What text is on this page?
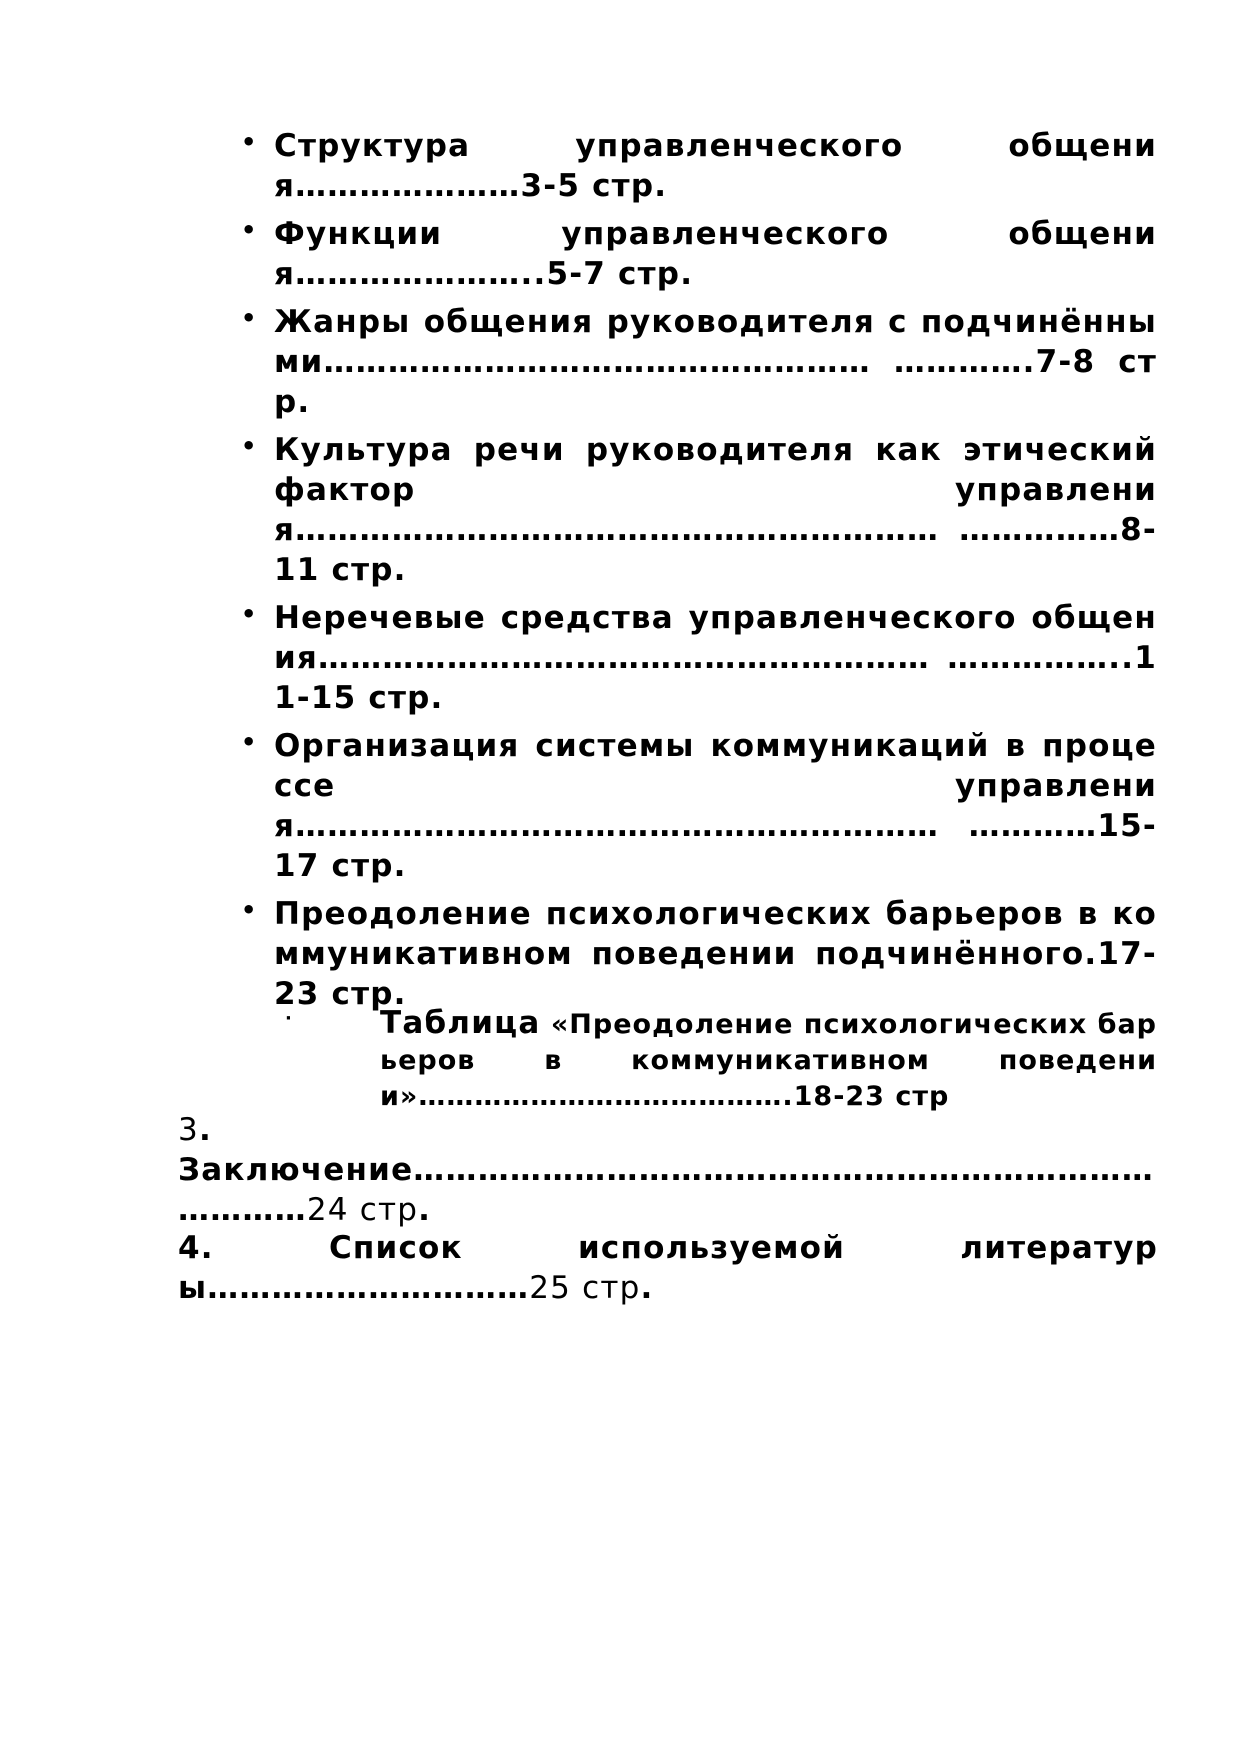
• Структура управленческого общения…………………3-5 стр.

• Функции управленческого общения…………………..5-7 стр.

• Жанры общения руководителя с подчинёнными…………………………………………… ………….7-8 стр.

• Культура речи руководителя как этический фактор управления…………………………………………………… ……………8-11 стр.

• Неречевые средства управленческого общения………………………………………………… ……………..11-15 стр.

• Организация системы коммуникаций в процессе управления…………………………………………………… …………15-17 стр.

• Преодоление психологических барьеров в коммуникативном поведении подчинённого.17-23 стр.

·	Таблица «Преодоление психологических барьеров в коммуникативном поведении»………………………………….18-23 стр

3.
Заключение…………………………………………………………… …………24 стр.

4. Список используемой литературы…………………………25 стр.
